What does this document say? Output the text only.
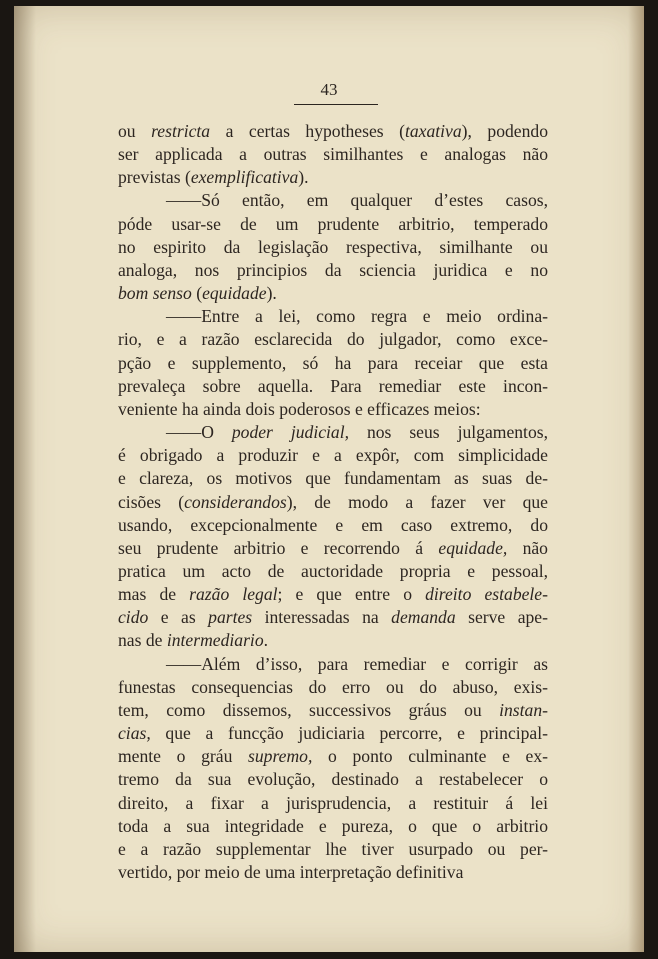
43
ou restricta a certas hypotheses (taxativa), podendo
ser applicada a outras similhantes e analogas não
previstas (exemplificativa).
——Só então, em qualquer d’estes casos,
póde usar-se de um prudente arbitrio, temperado
no espirito da legislação respectiva, similhante ou
analoga, nos principios da sciencia juridica e no
bom senso (equidade).
——Entre a lei, como regra e meio ordina-
rio, e a razão esclarecida do julgador, como exce-
pção e supplemento, só ha para receiar que esta
prevaleça sobre aquella. Para remediar este incon-
veniente ha ainda dois poderosos e efficazes meios:
——O poder judicial, nos seus julgamentos,
é obrigado a produzir e a expôr, com simplicidade
e clareza, os motivos que fundamentam as suas de-
cisões (considerandos), de modo a fazer ver que
usando, excepcionalmente e em caso extremo, do
seu prudente arbitrio e recorrendo á equidade, não
pratica um acto de auctoridade propria e pessoal,
mas de razão legal; e que entre o direito estabele-
cido e as partes interessadas na demanda serve ape-
nas de intermediario.
——Além d’isso, para remediar e corrigir as
funestas consequencias do erro ou do abuso, exis-
tem, como dissemos, successivos gráus ou instan-
cias, que a funcção judiciaria percorre, e principal-
mente o gráu supremo, o ponto culminante e ex-
tremo da sua evolução, destinado a restabelecer o
direito, a fixar a jurisprudencia, a restituir á lei
toda a sua integridade e pureza, o que o arbitrio
e a razão supplementar lhe tiver usurpado ou per-
vertido, por meio de uma interpretação definitiva
